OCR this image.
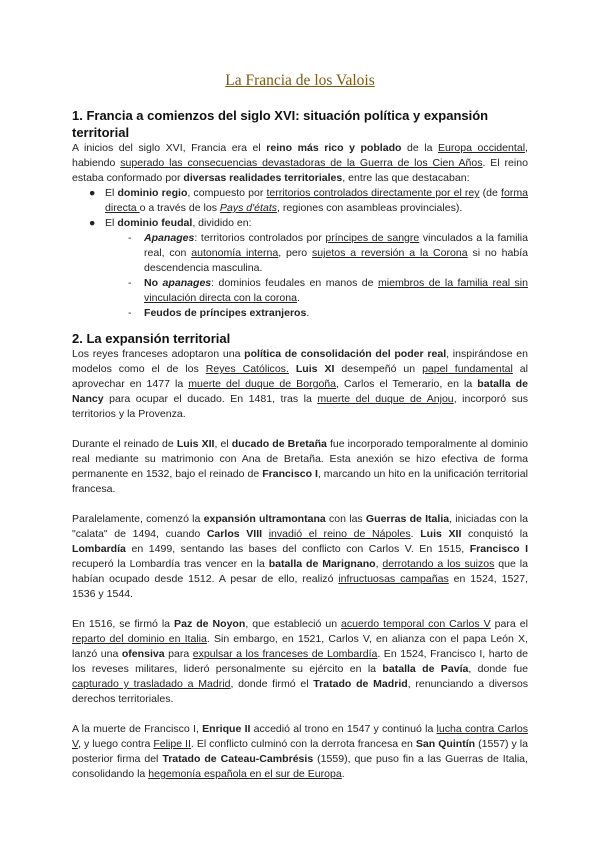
La Francia de los Valois
1. Francia a comienzos del siglo XVI: situación política y expansión territorial

A inicios del siglo XVI, Francia era el reino más rico y poblado de la Europa occidental, habiendo superado las consecuencias devastadoras de la Guerra de los Cien Años. El reino estaba conformado por diversas realidades territoriales, entre las que destacaban:

● El dominio regio, compuesto por territorios controlados directamente por el rey (de forma directa o a través de los Pays d'états, regiones con asambleas provinciales).
● El dominio feudal, dividido en:
- Apanages: territorios controlados por príncipes de sangre vinculados a la familia real, con autonomía interna, pero sujetos a reversión a la Corona si no había descendencia masculina.
- No apanages: dominios feudales en manos de miembros de la familia real sin vinculación directa con la corona.
- Feudos de príncipes extranjeros.
2. La expansión territorial

Los reyes franceses adoptaron una política de consolidación del poder real, inspirándose en modelos como el de los Reyes Católicos. Luis XI desempeñó un papel fundamental al aprovechar en 1477 la muerte del duque de Borgoña, Carlos el Temerario, en la batalla de Nancy para ocupar el ducado. En 1481, tras la muerte del duque de Anjou, incorporó sus territorios y la Provenza.

Durante el reinado de Luis XII, el ducado de Bretaña fue incorporado temporalmente al dominio real mediante su matrimonio con Ana de Bretaña. Esta anexión se hizo efectiva de forma permanente en 1532, bajo el reinado de Francisco I, marcando un hito en la unificación territorial francesa.

Paralelamente, comenzó la expansión ultramontana con las Guerras de Italia, iniciadas con la "calata" de 1494, cuando Carlos VIII invadió el reino de Nápoles. Luis XII conquistó la Lombardía en 1499, sentando las bases del conflicto con Carlos V. En 1515, Francisco I recuperó la Lombardía tras vencer en la batalla de Marignano, derrotando a los suizos que la habían ocupado desde 1512. A pesar de ello, realizó infructuosas campañas en 1524, 1527, 1536 y 1544.

En 1516, se firmó la Paz de Noyon, que estableció un acuerdo temporal con Carlos V para el reparto del dominio en Italia. Sin embargo, en 1521, Carlos V, en alianza con el papa León X, lanzó una ofensiva para expulsar a los franceses de Lombardía. En 1524, Francisco I, harto de los reveses militares, lideró personalmente su ejército en la batalla de Pavía, donde fue capturado y trasladado a Madrid, donde firmó el Tratado de Madrid, renunciando a diversos derechos territoriales.

A la muerte de Francisco I, Enrique II accedió al trono en 1547 y continuó la lucha contra Carlos V, y luego contra Felipe II. El conflicto culminó con la derrota francesa en San Quintín (1557) y la posterior firma del Tratado de Cateau-Cambrésis (1559), que puso fin a las Guerras de Italia, consolidando la hegemonía española en el sur de Europa.
